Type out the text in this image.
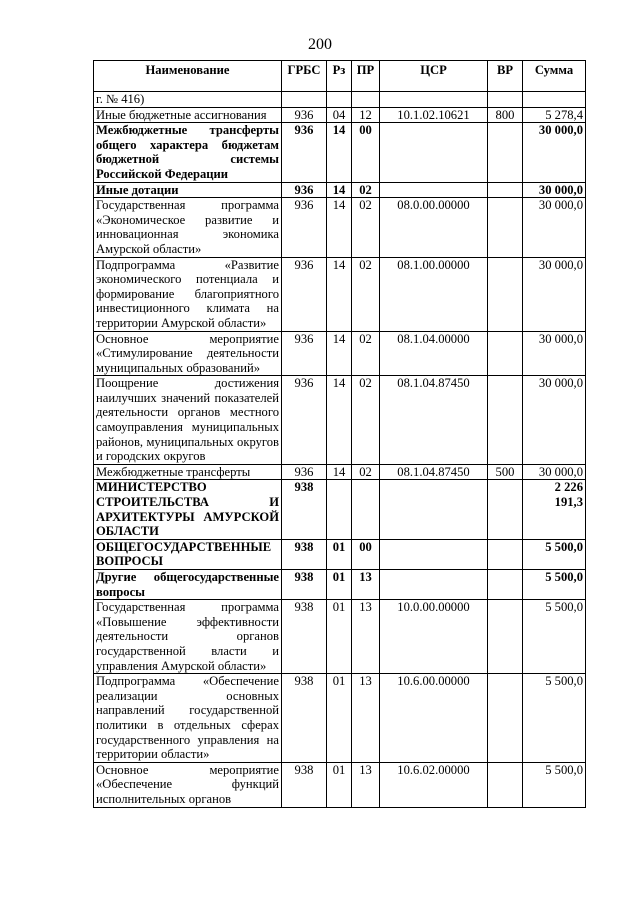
200
Наименование	ГРБС	Рз	ПР	ЦСР	ВР	Сумма
г. № 416)						
Иные бюджетные ассигнования	936	04	12	10.1.02.10621	800	5 278,4
Межбюджетные трансферты общего характера бюджетам бюджетной системы Российской Федерации	936	14	00			30 000,0
Иные дотации	936	14	02			30 000,0
Государственная программа «Экономическое развитие и инновационная экономика Амурской области»	936	14	02	08.0.00.00000		30 000,0
Подпрограмма «Развитие экономического потенциала и формирование благоприятного инвестиционного климата на территории Амурской области»	936	14	02	08.1.00.00000		30 000,0
Основное мероприятие «Стимулирование деятельности муниципальных образований»	936	14	02	08.1.04.00000		30 000,0
Поощрение достижения наилучших значений показателей деятельности органов местного самоуправления муниципальных районов, муниципальных округов и городских округов	936	14	02	08.1.04.87450		30 000,0
Межбюджетные трансферты	936	14	02	08.1.04.87450	500	30 000,0
МИНИСТЕРСТВО СТРОИТЕЛЬСТВА И АРХИТЕКТУРЫ АМУРСКОЙ ОБЛАСТИ	938					2 226 191,3
ОБЩЕГОСУДАРСТВЕННЫЕ ВОПРОСЫ	938	01	00			5 500,0
Другие общегосударственные вопросы	938	01	13			5 500,0
Государственная программа «Повышение эффективности деятельности органов государственной власти и управления Амурской области»	938	01	13	10.0.00.00000		5 500,0
Подпрограмма «Обеспечение реализации основных направлений государственной политики в отдельных сферах государственного управления на территории области»	938	01	13	10.6.00.00000		5 500,0
Основное мероприятие «Обеспечение функций исполнительных органов	938	01	13	10.6.02.00000		5 500,0
